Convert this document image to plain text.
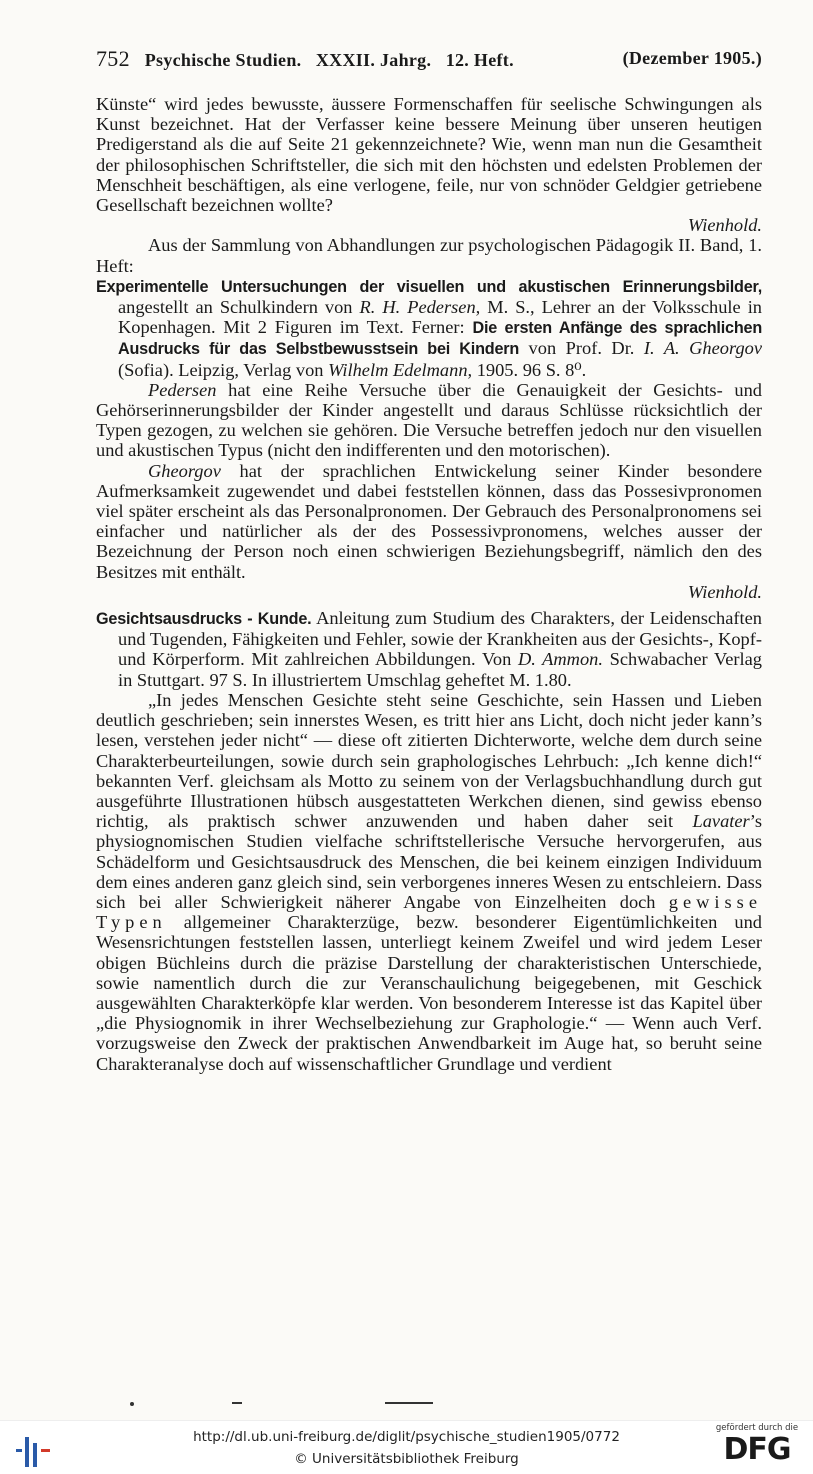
752 Psychische Studien. XXXII. Jahrg. 12. Heft.	(Dezember 1905.)

Künste“ wird jedes bewusste, äussere Formenschaffen für seelische Schwingungen als Kunst bezeichnet. Hat der Verfasser keine bessere Meinung über unseren heutigen Predigerstand als die auf Seite 21 gekennzeichnete? Wie, wenn man nun die Gesamtheit der philosophischen Schriftsteller, die sich mit den höchsten und edelsten Problemen der Menschheit beschäftigen, als eine verlogene, feile, nur von schnöder Geldgier getriebene Gesellschaft bezeichnen wollte?
Wienhold.

Aus der Sammlung von Abhandlungen zur psychologischen Pädagogik II. Band, 1. Heft:

Experimentelle Untersuchungen der visuellen und akustischen Erinnerungsbilder, angestellt an Schulkindern von R. H. Pedersen, M. S., Lehrer an der Volksschule in Kopenhagen. Mit 2 Figuren im Text. Ferner: Die ersten Anfänge des sprachlichen Ausdrucks für das Selbstbewusstsein bei Kindern von Prof. Dr. I. A. Gheorgov (Sofia). Leipzig, Verlag von Wilhelm Edelmann, 1905. 96 S. 8⁰.

Pedersen hat eine Reihe Versuche über die Genauigkeit der Gesichts- und Gehörserinnerungsbilder der Kinder angestellt und daraus Schlüsse rücksichtlich der Typen gezogen, zu welchen sie gehören. Die Versuche betreffen jedoch nur den visuellen und akustischen Typus (nicht den indifferenten und den motorischen).

Gheorgov hat der sprachlichen Entwickelung seiner Kinder besondere Aufmerksamkeit zugewendet und dabei feststellen können, dass das Possesivpronomen viel später erscheint als das Personalpronomen. Der Gebrauch des Personalpronomens sei einfacher und natürlicher als der des Possessivpronomens, welches ausser der Bezeichnung der Person noch einen schwierigen Beziehungsbegriff, nämlich den des Besitzes mit enthält.
Wienhold.

Gesichtsausdrucks - Kunde. Anleitung zum Studium des Charakters, der Leidenschaften und Tugenden, Fähigkeiten und Fehler, sowie der Krankheiten aus der Gesichts-, Kopf- und Körperform. Mit zahlreichen Abbildungen. Von D. Ammon. Schwabacher Verlag in Stuttgart. 97 S. In illustriertem Umschlag geheftet M. 1.80.

„In jedes Menschen Gesichte steht seine Geschichte, sein Hassen und Lieben deutlich geschrieben; sein innerstes Wesen, es tritt hier ans Licht, doch nicht jeder kann’s lesen, verstehen jeder nicht“ — diese oft zitierten Dichterworte, welche dem durch seine Charakterbeurteilungen, sowie durch sein graphologisches Lehrbuch: „Ich kenne dich!“ bekannten Verf. gleichsam als Motto zu seinem von der Verlagsbuchhandlung durch gut ausgeführte Illustrationen hübsch ausgestatteten Werkchen dienen, sind gewiss ebenso richtig, als praktisch schwer anzuwenden und haben daher seit Lavater’s physiognomischen Studien vielfache schriftstellerische Versuche hervorgerufen, aus Schädelform und Gesichtsausdruck des Menschen, die bei keinem einzigen Individuum dem eines anderen ganz gleich sind, sein verborgenes inneres Wesen zu entschleiern. Dass sich bei aller Schwierigkeit näherer Angabe von Einzelheiten doch gewisse Typen allgemeiner Charakterzüge, bezw. besonderer Eigentümlichkeiten und Wesensrichtungen feststellen lassen, unterliegt keinem Zweifel und wird jedem Leser obigen Büchleins durch die präzise Darstellung der charakteristischen Unterschiede, sowie namentlich durch die zur Veranschaulichung beigegebenen, mit Geschick ausgewählten Charakterköpfe klar werden. Von besonderem Interesse ist das Kapitel über „die Physiognomik in ihrer Wechselbeziehung zur Graphologie.“ — Wenn auch Verf. vorzugsweise den Zweck der praktischen Anwendbarkeit im Auge hat, so beruht seine Charakteranalyse doch auf wissenschaftlicher Grundlage und verdient

http://dl.ub.uni-freiburg.de/diglit/psychische_studien1905/0772
© Universitätsbibliothek Freiburg
gefördert durch die
DFG
